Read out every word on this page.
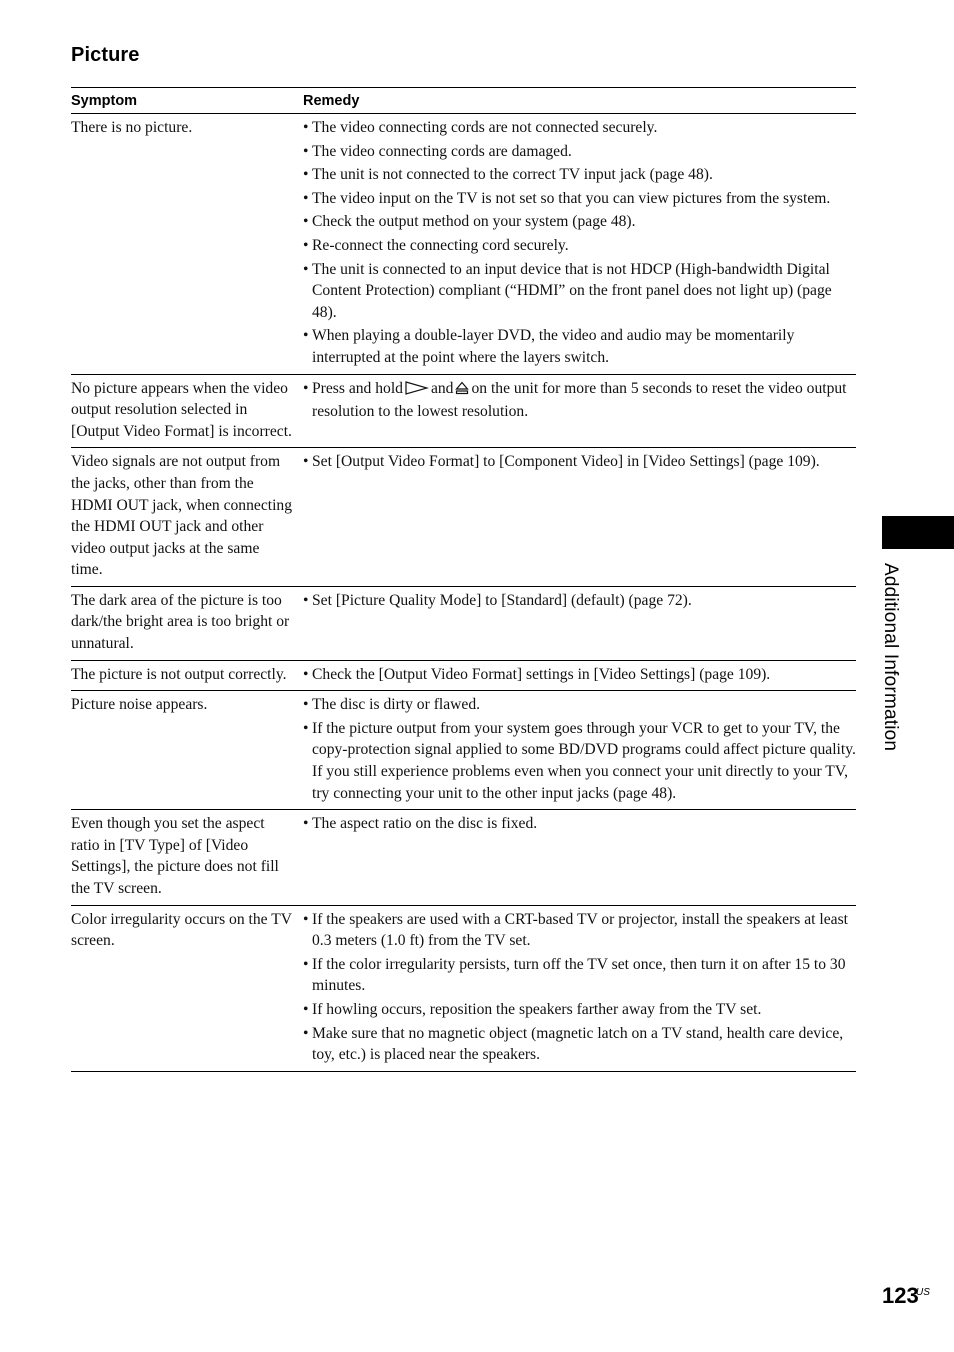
Picture
Symptom	Remedy
There is no picture.	• The video connecting cords are not connected securely.
• The video connecting cords are damaged.
• The unit is not connected to the correct TV input jack (page 48).
• The video input on the TV is not set so that you can view pictures from the system.
• Check the output method on your system (page 48).
• Re-connect the connecting cord securely.
• The unit is connected to an input device that is not HDCP (High-bandwidth Digital Content Protection) compliant (“HDMI” on the front panel does not light up) (page 48).
• When playing a double-layer DVD, the video and audio may be momentarily interrupted at the point where the layers switch.
No picture appears when the video output resolution selected in [Output Video Format] is incorrect.
• Press and hold and on the unit for more than 5 seconds to reset the video output resolution to the lowest resolution.
Video signals are not output from the jacks, other than from the HDMI OUT jack, when connecting the HDMI OUT jack and other video output jacks at the same time.
• Set [Output Video Format] to [Component Video] in [Video Settings] (page 109).
The dark area of the picture is too dark/the bright area is too bright or unnatural.
• Set [Picture Quality Mode] to [Standard] (default) (page 72).
The picture is not output correctly.	• Check the [Output Video Format] settings in [Video Settings] (page 109).
Picture noise appears.	• The disc is dirty or flawed.
• If the picture output from your system goes through your VCR to get to your TV, the copy-protection signal applied to some BD/DVD programs could affect picture quality. If you still experience problems even when you connect your unit directly to your TV, try connecting your unit to the other input jacks (page 48).
Even though you set the aspect ratio in [TV Type] of [Video Settings], the picture does not fill the TV screen.
• The aspect ratio on the disc is fixed.
Color irregularity occurs on the TV screen.
• If the speakers are used with a CRT-based TV or projector, install the speakers at least 0.3 meters (1.0 ft) from the TV set.
• If the color irregularity persists, turn off the TV set once, then turn it on after 15 to 30 minutes.
• If howling occurs, reposition the speakers farther away from the TV set.
• Make sure that no magnetic object (magnetic latch on a TV stand, health care device, toy, etc.) is placed near the speakers.
Additional Information
123
US
